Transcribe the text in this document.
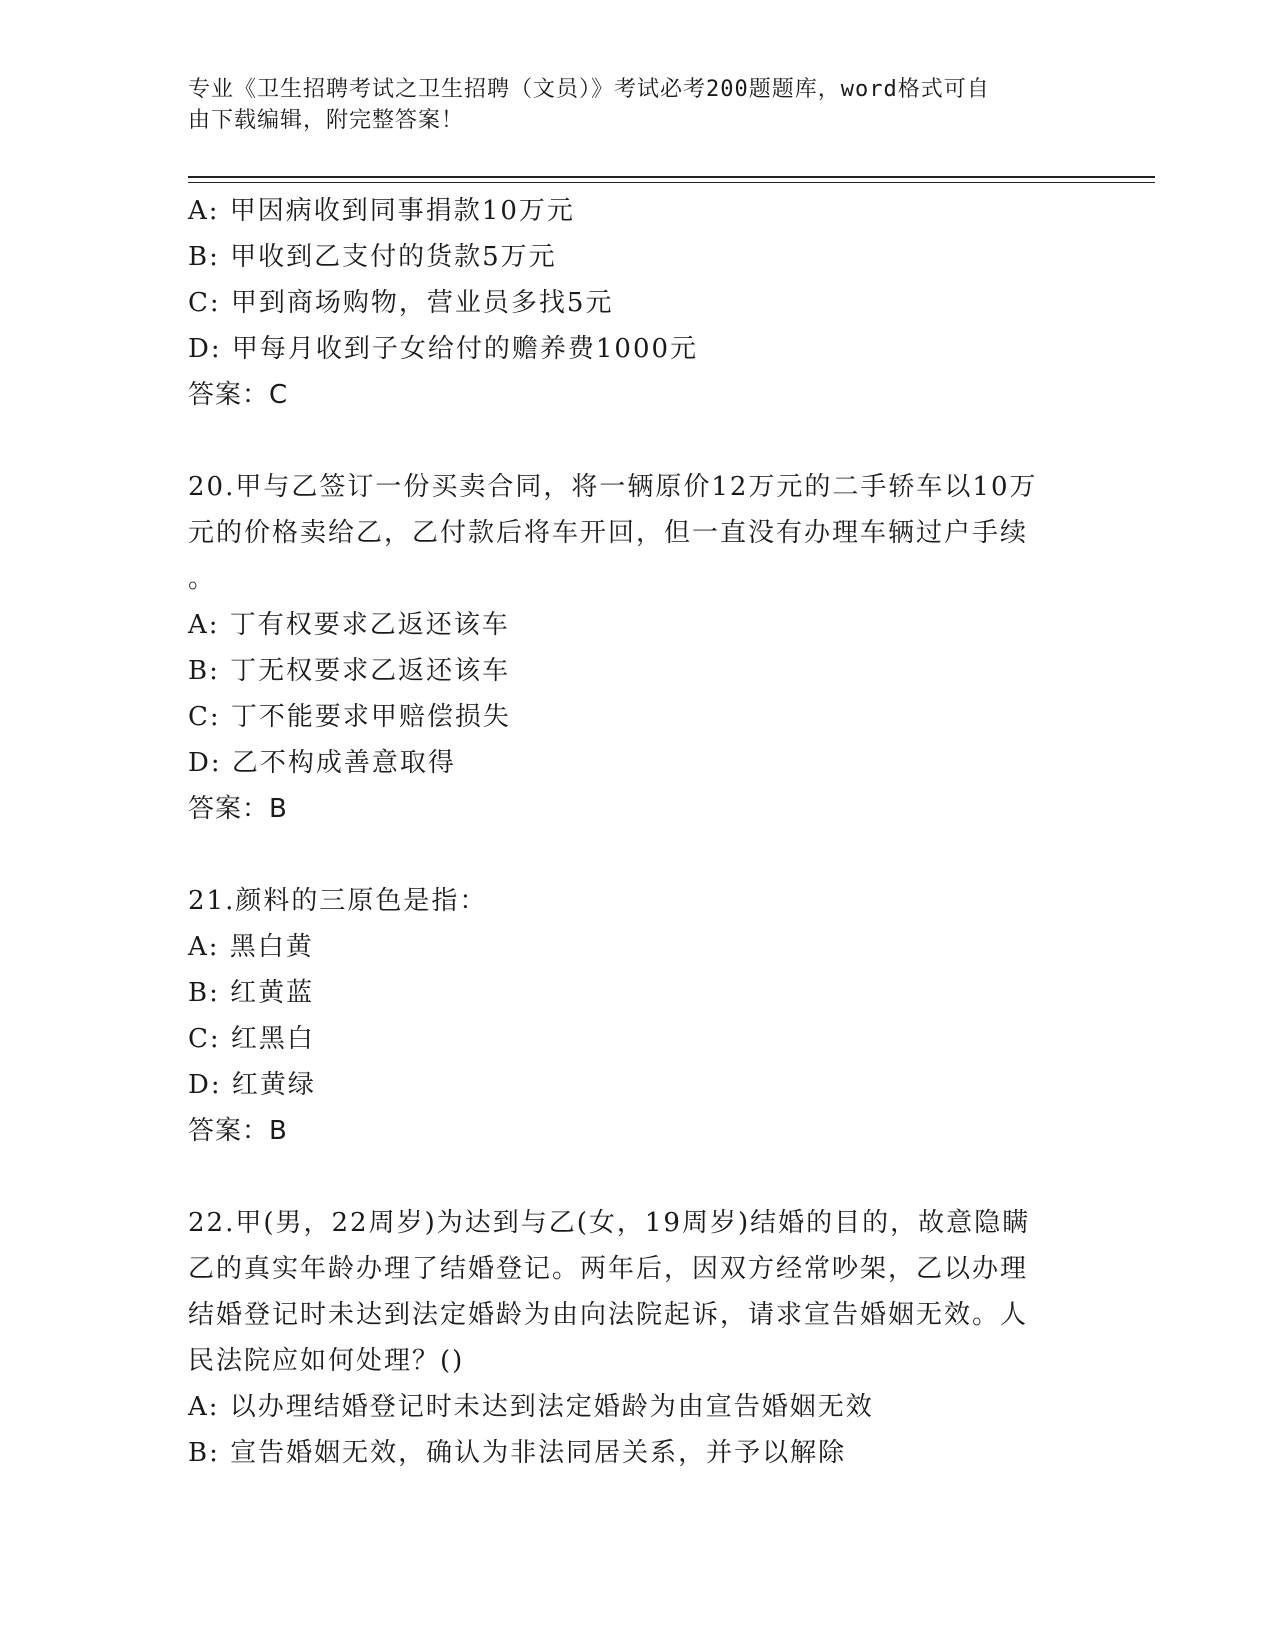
专业《卫生招聘考试之卫生招聘（文员）》考试必考200题题库，word格式可自
由下载编辑，附完整答案！
A: 甲因病收到同事捐款10万元
B: 甲收到乙支付的货款5万元
C: 甲到商场购物，营业员多找5元
D: 甲每月收到子女给付的赡养费1000元
答案：C
20.甲与乙签订一份买卖合同，将一辆原价12万元的二手轿车以10万
元的价格卖给乙，乙付款后将车开回，但一直没有办理车辆过户手续
。
A: 丁有权要求乙返还该车
B: 丁无权要求乙返还该车
C: 丁不能要求甲赔偿损失
D: 乙不构成善意取得
答案：B
21.颜料的三原色是指：
A: 黑白黄
B: 红黄蓝
C: 红黑白
D: 红黄绿
答案：B
22.甲(男，22周岁)为达到与乙(女，19周岁)结婚的目的，故意隐瞒
乙的真实年龄办理了结婚登记。两年后，因双方经常吵架，乙以办理
结婚登记时未达到法定婚龄为由向法院起诉，请求宣告婚姻无效。人
民法院应如何处理？()
A: 以办理结婚登记时未达到法定婚龄为由宣告婚姻无效
B: 宣告婚姻无效，确认为非法同居关系，并予以解除
